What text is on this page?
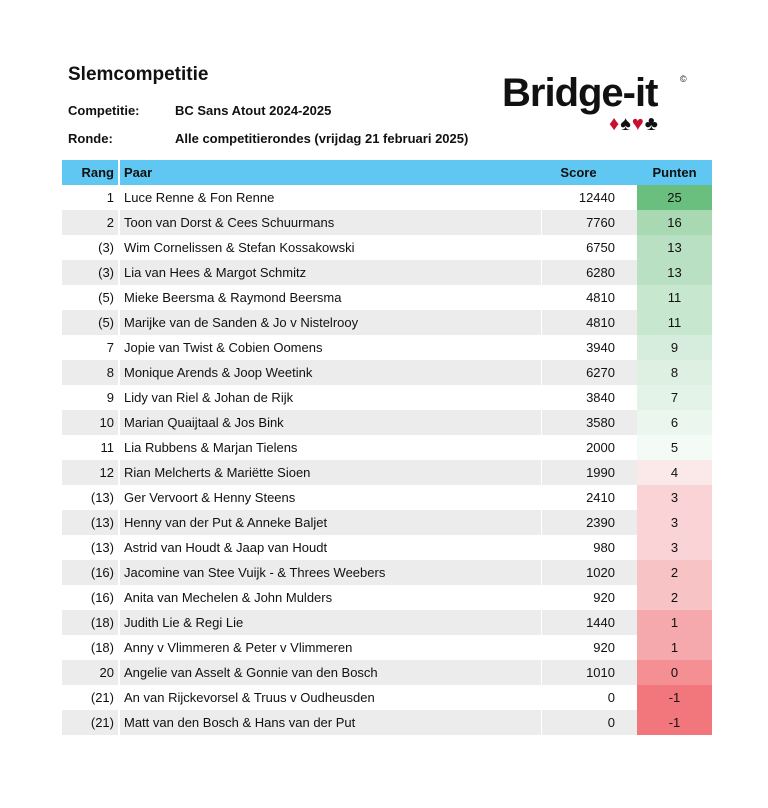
Slemcompetitie
Competitie:	BC Sans Atout 2024-2025
Ronde:	Alle competitierondes (vrijdag 21 februari 2025)
Bridge-it	©
♦♠♥♣
Rang	Paar	Score		Punten
1	Luce Renne & Fon Renne	12440		25
2	Toon van Dorst & Cees Schuurmans	7760		16
(3)	Wim Cornelissen & Stefan Kossakowski	6750		13
(3)	Lia van Hees & Margot Schmitz	6280		13
(5)	Mieke Beersma & Raymond Beersma	4810		11
(5)	Marijke van de Sanden & Jo v Nistelrooy	4810		11
7	Jopie van Twist & Cobien Oomens	3940		9
8	Monique Arends & Joop Weetink	6270		8
9	Lidy van Riel & Johan de Rijk	3840		7
10	Marian Quaijtaal & Jos Bink	3580		6
11	Lia Rubbens & Marjan Tielens	2000		5
12	Rian Melcherts & Mariëtte Sioen	1990		4
(13)	Ger Vervoort & Henny Steens	2410		3
(13)	Henny van der Put & Anneke Baljet	2390		3
(13)	Astrid van Houdt & Jaap van Houdt	980		3
(16)	Jacomine van Stee Vuijk - & Threes Weebers	1020		2
(16)	Anita van Mechelen & John Mulders	920		2
(18)	Judith Lie & Regi Lie	1440		1
(18)	Anny v Vlimmeren & Peter v Vlimmeren	920		1
20	Angelie van Asselt & Gonnie van den Bosch	1010		0
(21)	An van Rijckevorsel & Truus v Oudheusden	0		-1
(21)	Matt van den Bosch & Hans van der Put	0		-1
